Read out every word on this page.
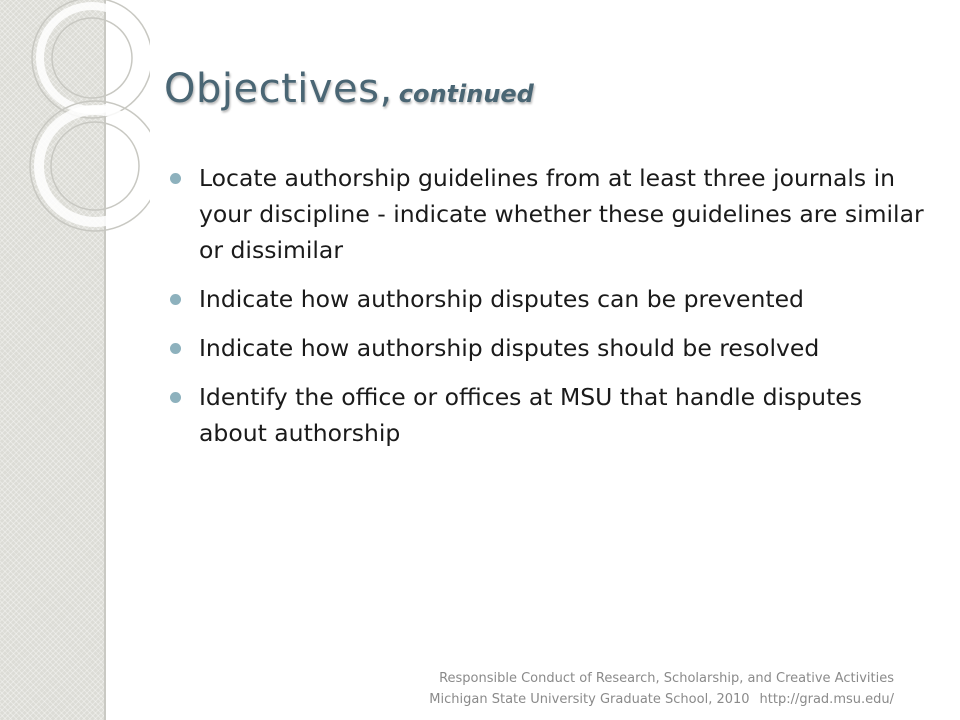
Objectives, continued
Locate authorship guidelines from at least three journals in your discipline - indicate whether these guidelines are similar or dissimilar
Indicate how authorship disputes can be prevented
Indicate how authorship disputes should be resolved
Identify the office or offices at MSU that handle disputes about authorship
Responsible Conduct of Research, Scholarship, and Creative Activities
Michigan State University Graduate School, 2010 http://grad.msu.edu/
